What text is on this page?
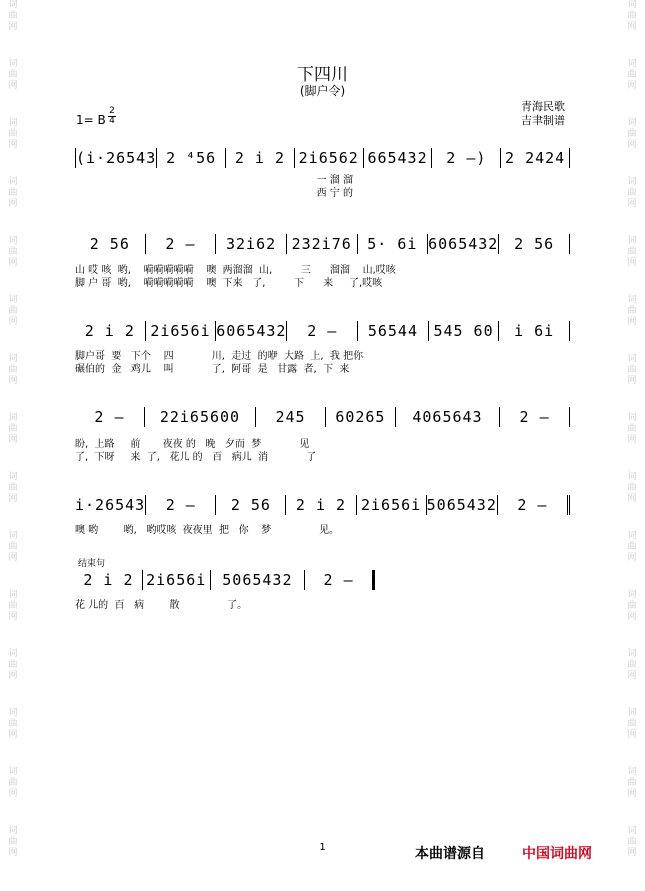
词
曲
网
词
曲
网
词
曲
网
词
曲
网
词
曲
网
词
曲
网
词
曲
网
词
曲
网
词
曲
网
词
曲
网
词
曲
网
词
曲
网
词
曲
网
词
曲
网
词
曲
网
词
曲
网
词
曲
网
词
曲
网
词
曲
网
词
曲
网
词
曲
网
词
曲
网
词
曲
网
词
曲
网
词
曲
网
词
曲
网
词
曲
网
词
曲
网
词
曲
网
词
曲
网
下四川
(脚户令)
1= B
2
4
青海民歌
吉聿制谱
(i·26543 2 ⁴56	2 i 2 2i6562 665432	2 —)	2 2424
一 溜 溜
西 宁 的
2 56	2 —	32i62	232i76	5· 6i 6065432	2 56
山 哎 咳  哟,    嗬嗬嗬嗬嗬    噢  两溜溜  山,         三      溜溜    山,哎咳
脚 户 哥  哟,    嗬嗬嗬嗬嗬    噢  下来   了,         下      来     了,哎咳
2 i 2	2i656i 6065432	2 —	56544	545 60	i 6i
脚户哥  要   下个    四            川,  走过  的咿  大路  上,  我 把你
碾伯的  金   鸡儿    叫            了,  阿哥  是   甘露  者,  下  来
2 —	22i65600	245	60265	4065643	2 —
盼,  上路     前       夜夜 的   晚   夕而  梦            见
了,  下呀     来  了,   花儿 的   百   病儿  消            了
i·26543	2 —	2 56	2 i 2 2i656i 5065432	2 —
噢 哟        哟,   哟哎咳  夜夜里  把   你    梦               见。
结束句
2 i 2 2i656i	5065432	2 —
花 儿的  百   病        散               了。
1	本曲谱源自	中国词曲网
